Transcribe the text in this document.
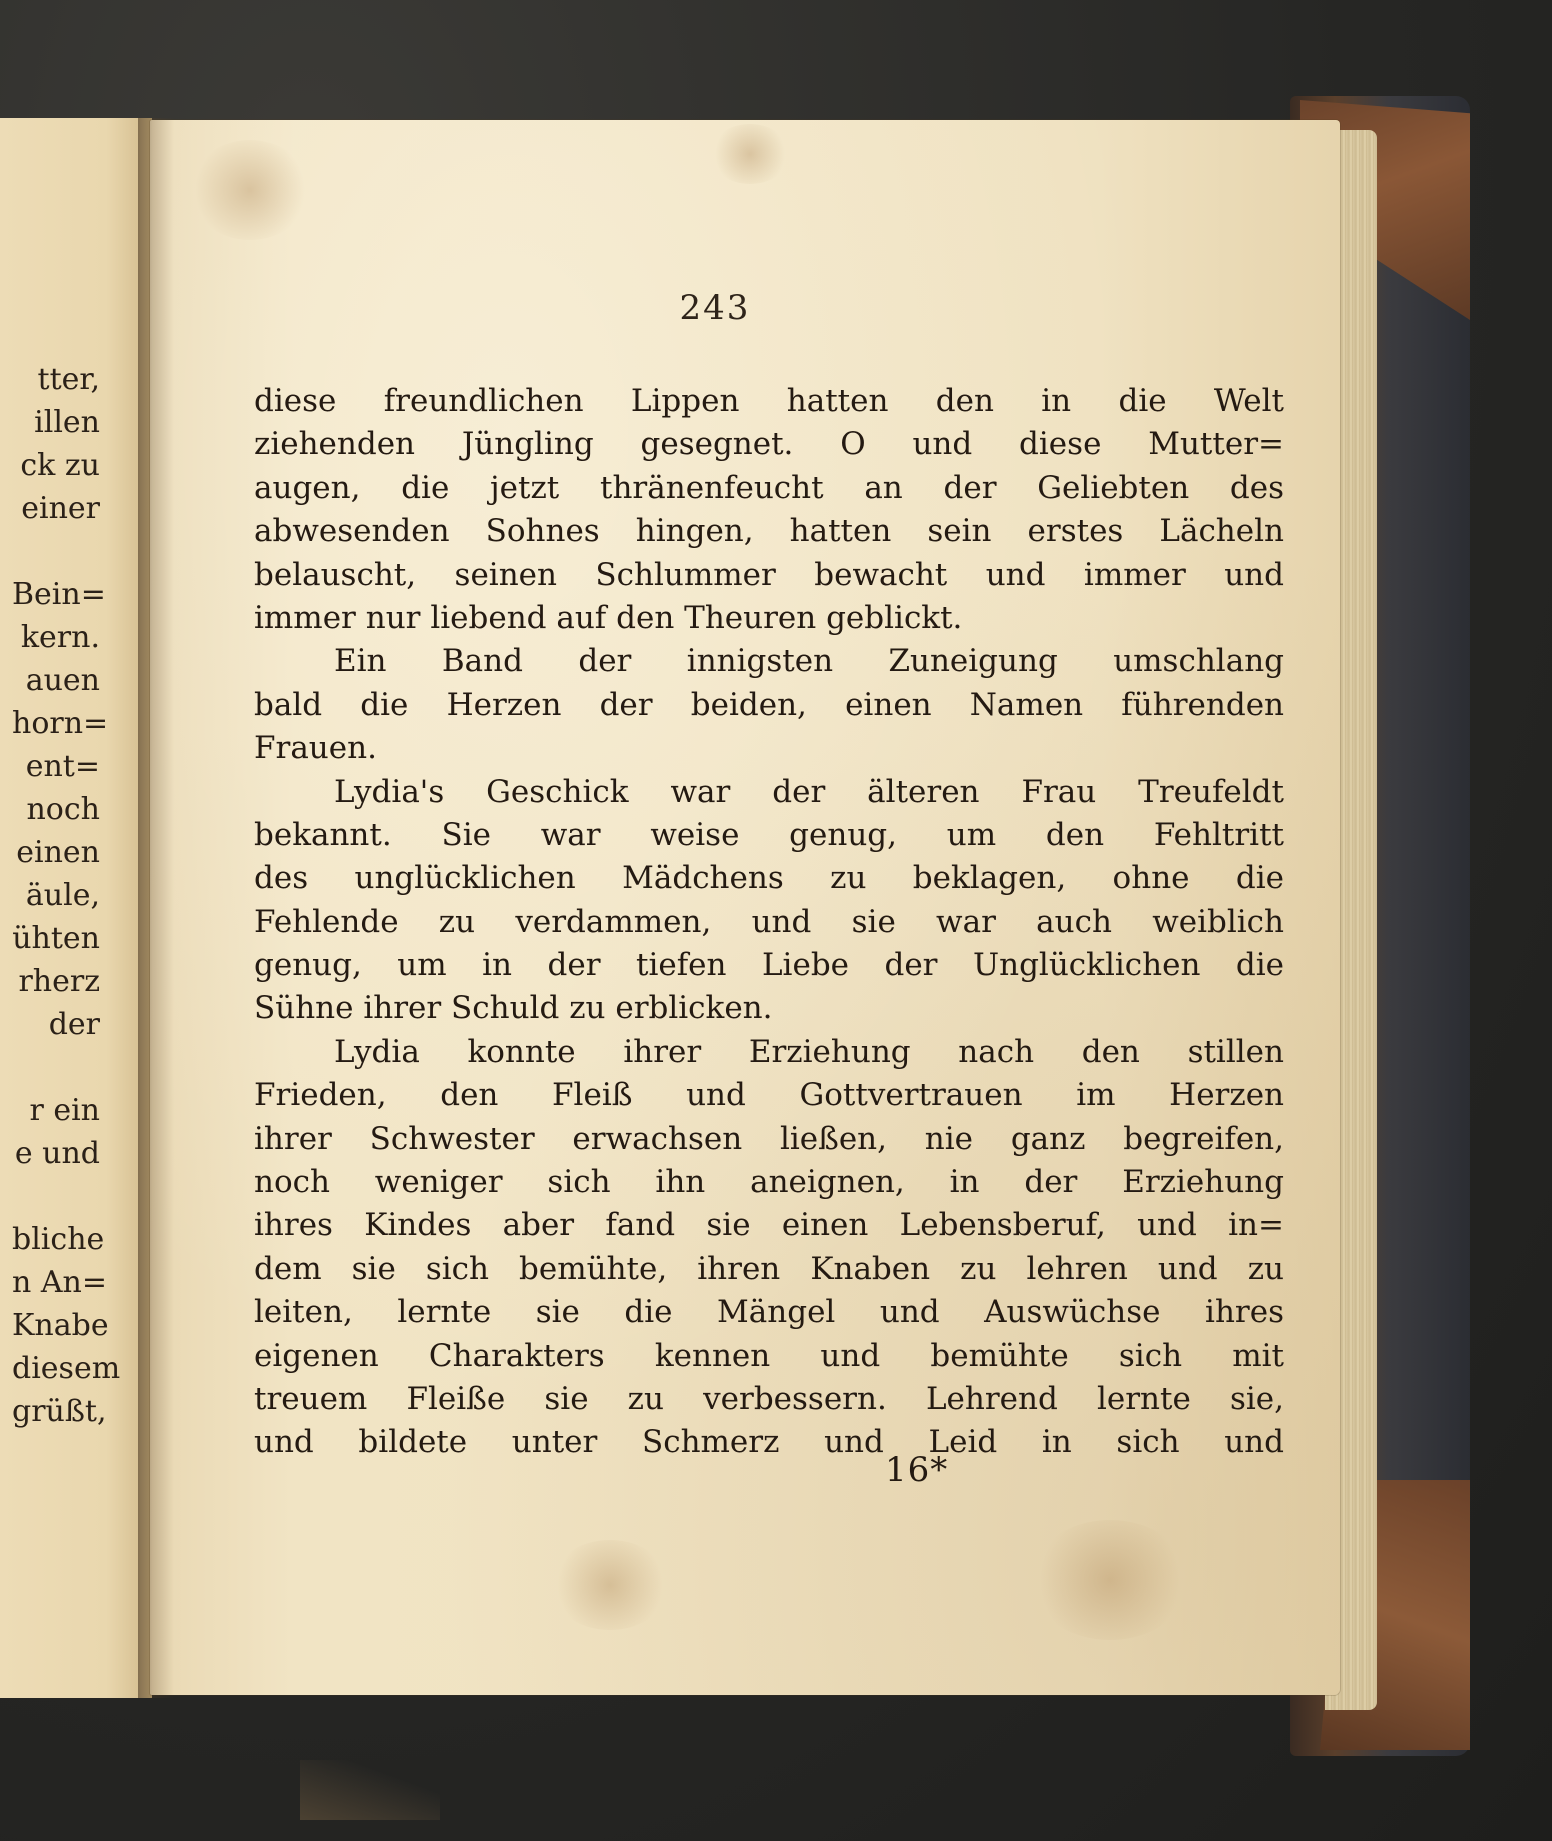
tter,
illen
ck zu
einer
Bein=
kern.
auen
horn=
ent=
noch
einen
äule,
ühten
rherz
der
r ein
e und
bliche
n An=
Knabe
diesem
grüßt,
243
diese freundlichen Lippen hatten den in die Welt
ziehenden Jüngling gesegnet. O und diese Mutter=
augen, die jetzt thränenfeucht an der Geliebten des
abwesenden Sohnes hingen, hatten sein erstes Lächeln
belauscht, seinen Schlummer bewacht und immer und
immer nur liebend auf den Theuren geblickt.
Ein Band der innigsten Zuneigung umschlang
bald die Herzen der beiden, einen Namen führenden
Frauen.
Lydia's Geschick war der älteren Frau Treufeldt
bekannt. Sie war weise genug, um den Fehltritt
des unglücklichen Mädchens zu beklagen, ohne die
Fehlende zu verdammen, und sie war auch weiblich
genug, um in der tiefen Liebe der Unglücklichen die
Sühne ihrer Schuld zu erblicken.
Lydia konnte ihrer Erziehung nach den stillen
Frieden, den Fleiß und Gottvertrauen im Herzen
ihrer Schwester erwachsen ließen, nie ganz begreifen,
noch weniger sich ihn aneignen, in der Erziehung
ihres Kindes aber fand sie einen Lebensberuf, und in=
dem sie sich bemühte, ihren Knaben zu lehren und zu
leiten, lernte sie die Mängel und Auswüchse ihres
eigenen Charakters kennen und bemühte sich mit
treuem Fleiße sie zu verbessern. Lehrend lernte sie,
und bildete unter Schmerz und Leid in sich und
16*
